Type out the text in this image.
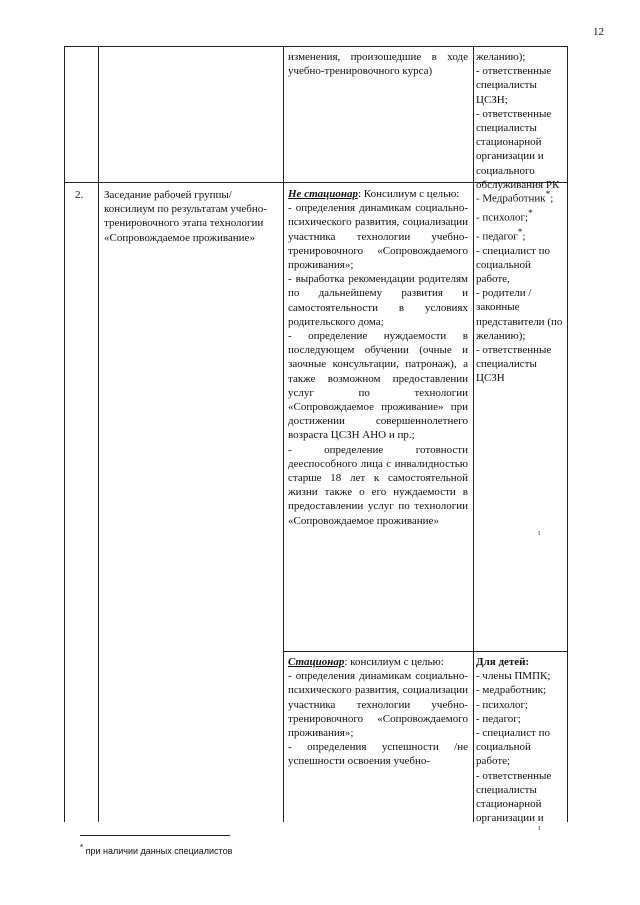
12
изменения, произошедшие в ходе учебно-тренировочного курса)
желанию);
- ответственные специалисты ЦСЗН;
- ответственные специалисты стационарной организации и социального обслуживания РК
2.	Заседание рабочей группы/ консилиум по результатам учебно-тренировочного этапа технологии «Сопровождаемое проживание»
Не стационар: Консилиум с целью:
- определения динамикам социально-психического развития, социализации участника технологии учебно-тренировочного «Сопровождаемого проживания»;
- выработка рекомендации родителям по дальнейшему развития и самостоятельности в условиях родительского дома;
- определение нуждаемости в последующем обучении (очные и заочные консультации, патронаж), а также возможном предоставлении услуг по технологии «Сопровождаемое проживание» при достижении совершеннолетнего возраста ЦСЗН АНО и пр.;
- определение готовности дееспособного лица с инвалидностью старше 18 лет к самостоятельной жизни также о его нуждаемости в предоставлении услуг по технологии «Сопровождаемое проживание»
- Медработник*;
- психолог;*
- педагог*;
- специалист по социальной работе,
- родители / законные представители (по желанию);
- ответственные специалисты ЦСЗН
Стационар: консилиум с целью:
- определения динамикам социально-психического развития, социализации участника технологии учебно-тренировочного «Сопровождаемого проживания»;
- определения успешности /не успешности освоения учебно-
Для детей:
- члены ПМПК;
- медработник;
- психолог;
- педагог;
- специалист по социальной работе;
- ответственные специалисты стационарной организации и
ı
ı
* при наличии данных специалистов
